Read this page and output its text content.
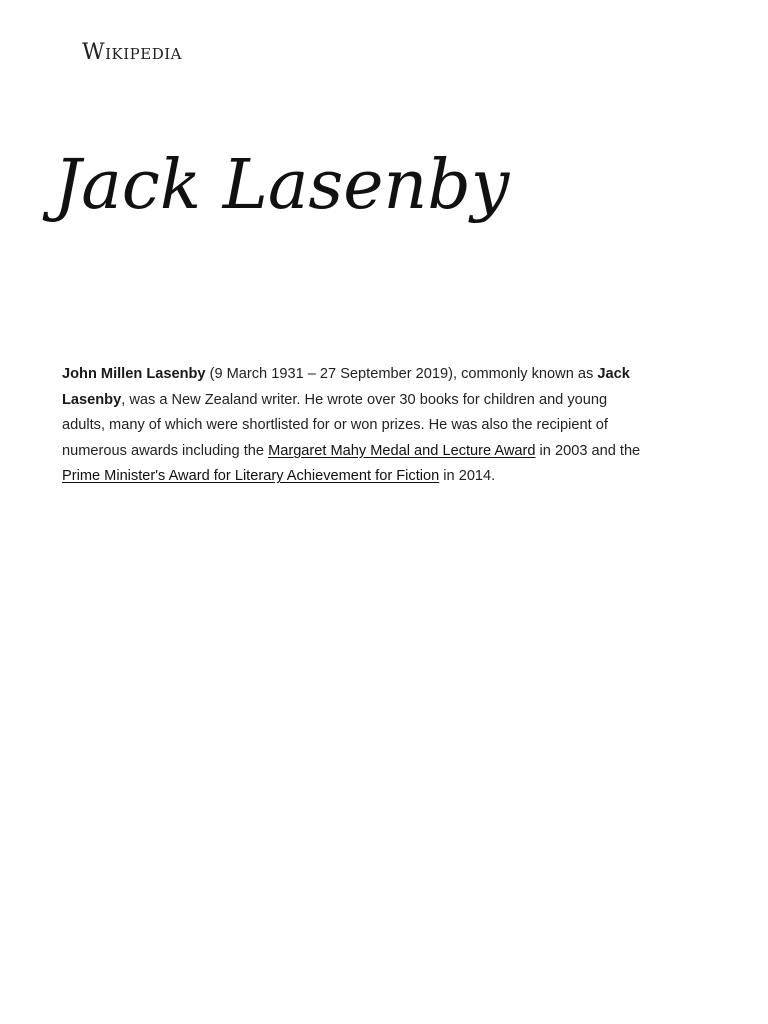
Wikipedia
Jack Lasenby

John Millen Lasenby (9 March 1931 – 27 September 2019), commonly known as Jack Lasenby, was a New Zealand writer. He wrote over 30 books for children and young adults, many of which were shortlisted for or won prizes. He was also the recipient of numerous awards including the Margaret Mahy Medal and Lecture Award in 2003 and the Prime Minister's Award for Literary Achievement for Fiction in 2014.
